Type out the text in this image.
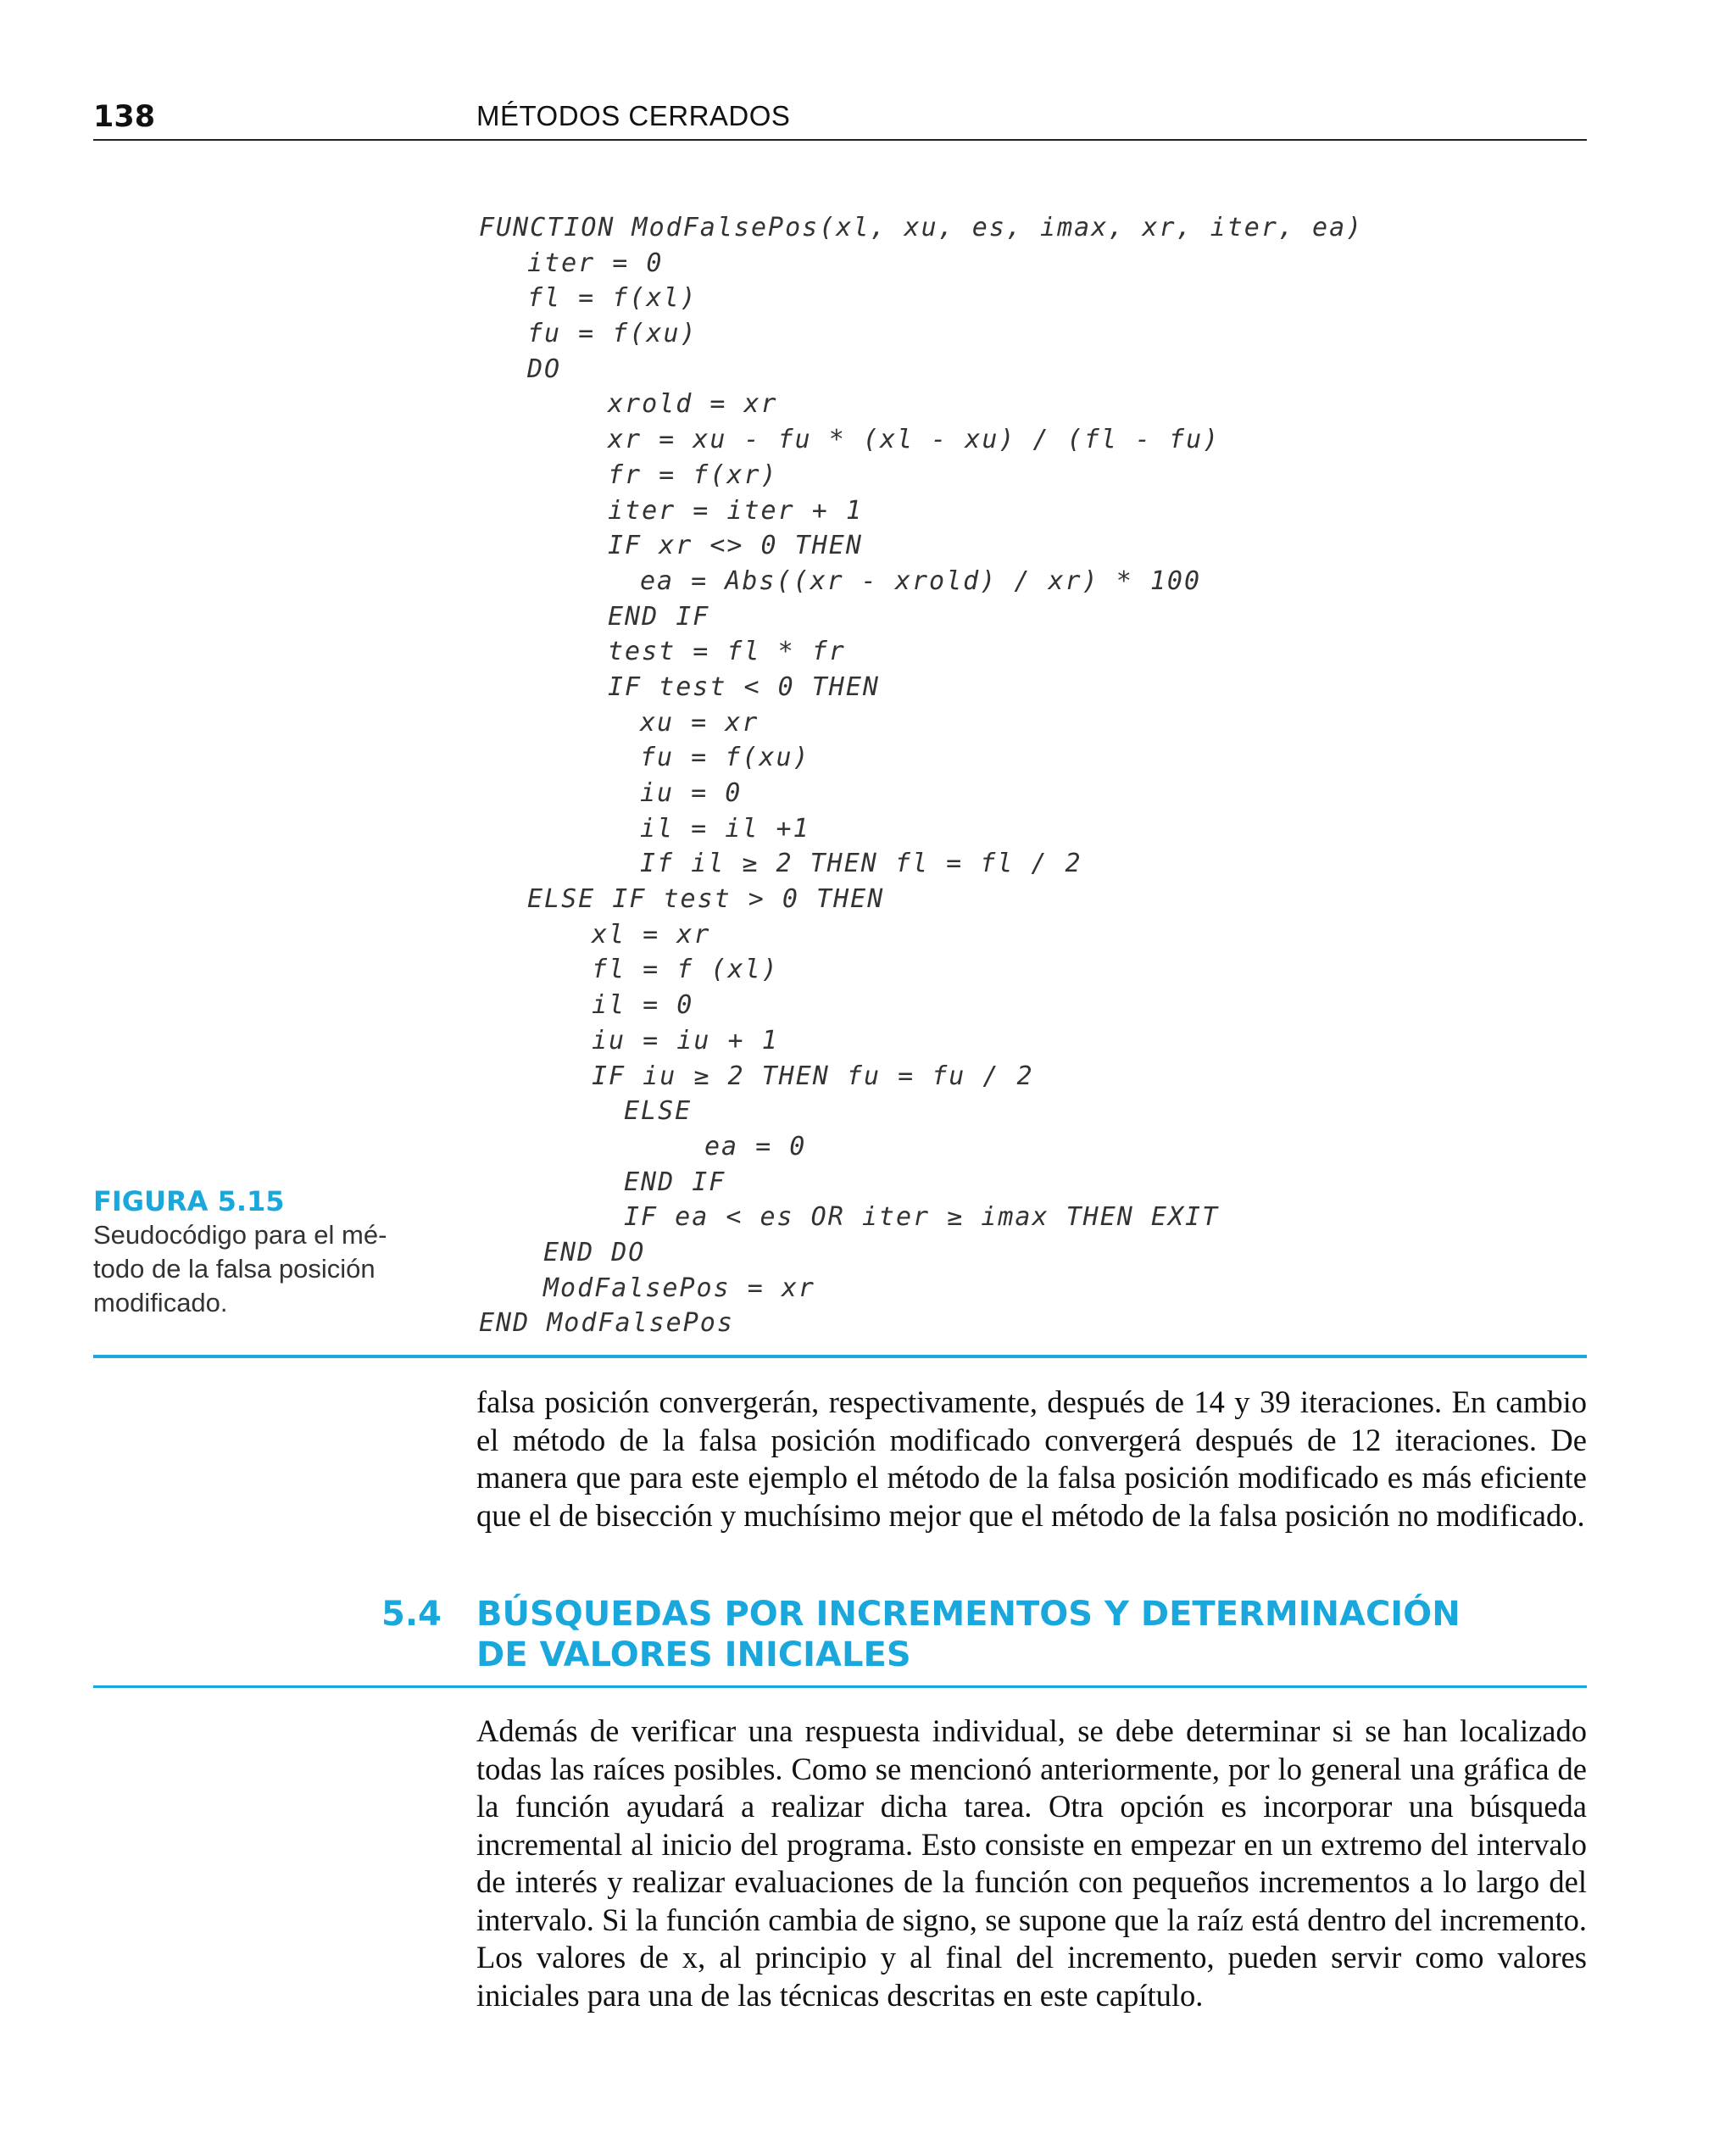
138	MÉTODOS CERRADOS
FUNCTION ModFalsePos(xl, xu, es, imax, xr, iter, ea)
iter = 0
fl = f(xl)
fu = f(xu)
DO
xrold = xr
xr = xu - fu * (xl - xu) / (fl - fu)
fr = f(xr)
iter = iter + 1
IF xr <> 0 THEN
ea = Abs((xr - xrold) / xr) * 100
END IF
test = fl * fr
IF test < 0 THEN
xu = xr
fu = f(xu)
iu = 0
il = il +1
If il ≥ 2 THEN fl = fl / 2
ELSE IF test > 0 THEN
xl = xr
fl = f (xl)
il = 0
iu = iu + 1
IF iu ≥ 2 THEN fu = fu / 2
ELSE
ea = 0
END IF
IF ea < es OR iter ≥ imax THEN EXIT
END DO
ModFalsePos = xr
END ModFalsePos
FIGURA 5.15
Seudocódigo para el mé-
todo de la falsa posición
modificado.

falsa posición convergerán, respectivamente, después de 14 y 39 iteraciones. En cambio el método de la falsa posición modificado convergerá después de 12 iteraciones. De manera que para este ejemplo el método de la falsa posición modificado es más eficiente que el de bisección y muchísimo mejor que el método de la falsa posición no modificado.

5.4 BÚSQUEDAS POR INCREMENTOS Y DETERMINACIÓN
DE VALORES INICIALES

Además de verificar una respuesta individual, se debe determinar si se han localizado todas las raíces posibles. Como se mencionó anteriormente, por lo general una gráfica de la función ayudará a realizar dicha tarea. Otra opción es incorporar una búsqueda incremental al inicio del programa. Esto consiste en empezar en un extremo del intervalo de interés y realizar evaluaciones de la función con pequeños incrementos a lo largo del intervalo. Si la función cambia de signo, se supone que la raíz está dentro del incremento. Los valores de x, al principio y al final del incremento, pueden servir como valores iniciales para una de las técnicas descritas en este capítulo.
